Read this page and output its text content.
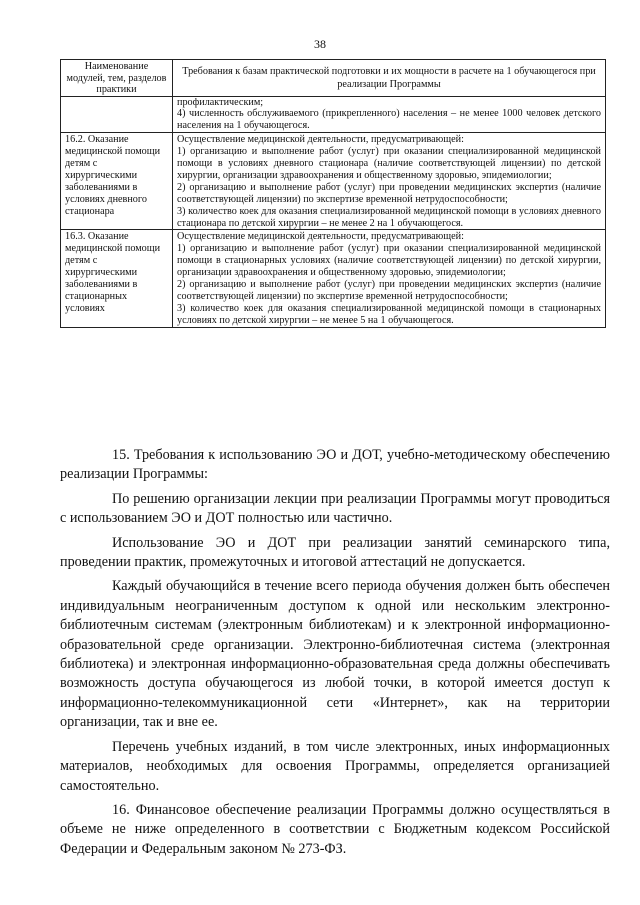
38
Наименование модулей, тем, разделов практики	Требования к базам практической подготовки и их мощности в расчете на 1 обучающегося при реализации Программы
	профилактическим;
4) численность обслуживаемого (прикрепленного) населения – не менее 1000 человек детского населения на 1 обучающегося.
16.2. Оказание медицинской помощи детям с хирургическими заболеваниями в условиях дневного стационара	Осуществление медицинской деятельности, предусматривающей:
1) организацию и выполнение работ (услуг) при оказании специализированной медицинской помощи в условиях дневного стационара (наличие соответствующей лицензии) по детской хирургии, организации здравоохранения и общественному здоровью, эпидемиологии;
2) организацию и выполнение работ (услуг) при проведении медицинских экспертиз (наличие соответствующей лицензии) по экспертизе временной нетрудоспособности;
3) количество коек для оказания специализированной медицинской помощи в условиях дневного стационара по детской хирургии – не менее 2 на 1 обучающегося.
16.3. Оказание медицинской помощи детям с хирургическими заболеваниями в стационарных условиях	Осуществление медицинской деятельности, предусматривающей:
1) организацию и выполнение работ (услуг) при оказании специализированной медицинской помощи в стационарных условиях (наличие соответствующей лицензии) по детской хирургии, организации здравоохранения и общественному здоровью, эпидемиологии;
2) организацию и выполнение работ (услуг) при проведении медицинских экспертиз (наличие соответствующей лицензии) по экспертизе временной нетрудоспособности;
3) количество коек для оказания специализированной медицинской помощи в стационарных условиях по детской хирургии – не менее 5 на 1 обучающегося.

15. Требования к использованию ЭО и ДОТ, учебно-методическому обеспечению реализации Программы:

По решению организации лекции при реализации Программы могут проводиться с использованием ЭО и ДОТ полностью или частично.

Использование ЭО и ДОТ при реализации занятий семинарского типа, проведении практик, промежуточных и итоговой аттестаций не допускается.

Каждый обучающийся в течение всего периода обучения должен быть обеспечен индивидуальным неограниченным доступом к одной или нескольким электронно-библиотечным системам (электронным библиотекам) и к электронной информационно-образовательной среде организации. Электронно-библиотечная система (электронная библиотека) и электронная информационно-образовательная среда должны обеспечивать возможность доступа обучающегося из любой точки, в которой имеется доступ к информационно-телекоммуникационной сети «Интернет», как на территории организации, так и вне ее.

Перечень учебных изданий, в том числе электронных, иных информационных материалов, необходимых для освоения Программы, определяется организацией самостоятельно.

16. Финансовое обеспечение реализации Программы должно осуществляться в объеме не ниже определенного в соответствии с Бюджетным кодексом Российской Федерации и Федеральным законом № 273-ФЗ.
